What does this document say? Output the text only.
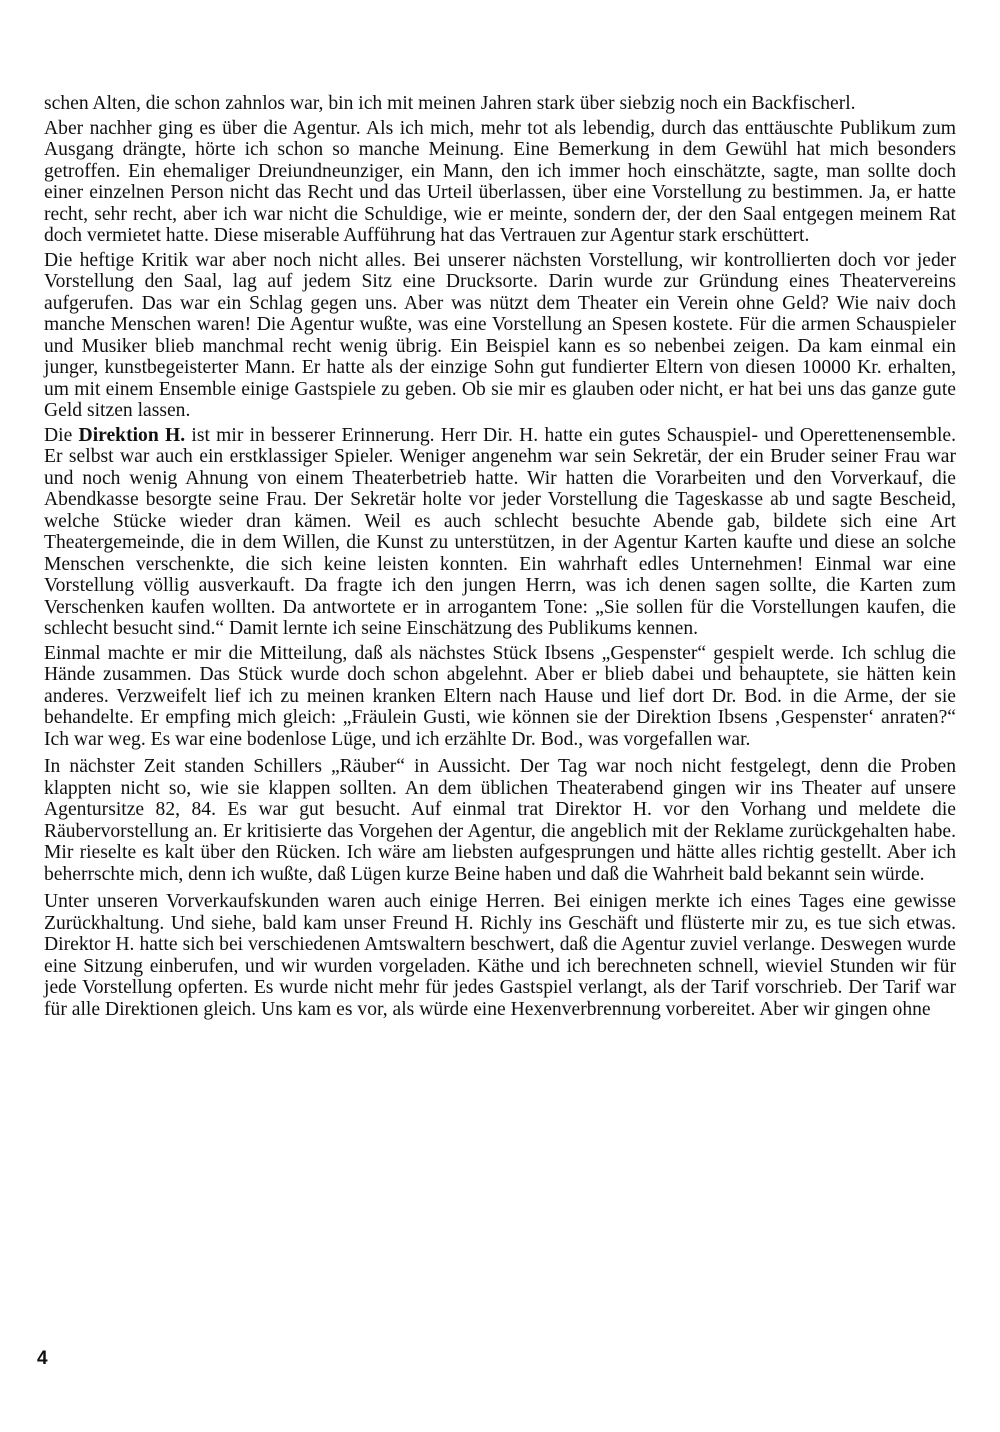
schen Alten, die schon zahnlos war, bin ich mit meinen Jahren stark über siebzig noch ein Backfischerl.

Aber nachher ging es über die Agentur. Als ich mich, mehr tot als lebendig, durch das enttäuschte Publikum zum Ausgang drängte, hörte ich schon so manche Meinung. Eine Bemerkung in dem Gewühl hat mich besonders getroffen. Ein ehemaliger Dreiundneunziger, ein Mann, den ich immer hoch einschätzte, sagte, man sollte doch einer einzelnen Person nicht das Recht und das Urteil überlassen, über eine Vorstellung zu bestimmen. Ja, er hatte recht, sehr recht, aber ich war nicht die Schuldige, wie er meinte, sondern der, der den Saal entgegen meinem Rat doch vermietet hatte. Diese miserable Aufführung hat das Vertrauen zur Agentur stark erschüttert.

Die heftige Kritik war aber noch nicht alles. Bei unserer nächsten Vorstellung, wir kontrollierten doch vor jeder Vorstellung den Saal, lag auf jedem Sitz eine Drucksorte. Darin wurde zur Gründung eines Theatervereins aufgerufen. Das war ein Schlag gegen uns. Aber was nützt dem Theater ein Verein ohne Geld? Wie naiv doch manche Menschen waren! Die Agentur wußte, was eine Vorstellung an Spesen kostete. Für die armen Schauspieler und Musiker blieb manchmal recht wenig übrig. Ein Beispiel kann es so nebenbei zeigen. Da kam einmal ein junger, kunstbegeisterter Mann. Er hatte als der einzige Sohn gut fundierter Eltern von diesen 10000 Kr. erhalten, um mit einem Ensemble einige Gastspiele zu geben. Ob sie mir es glauben oder nicht, er hat bei uns das ganze gute Geld sitzen lassen.

Die Direktion H. ist mir in besserer Erinnerung. Herr Dir. H. hatte ein gutes Schauspiel- und Operettenensemble. Er selbst war auch ein erstklassiger Spieler. Weniger angenehm war sein Sekretär, der ein Bruder seiner Frau war und noch wenig Ahnung von einem Theaterbetrieb hatte. Wir hatten die Vorarbeiten und den Vorverkauf, die Abendkasse besorgte seine Frau. Der Sekretär holte vor jeder Vorstellung die Tageskasse ab und sagte Bescheid, welche Stücke wieder dran kämen. Weil es auch schlecht besuchte Abende gab, bildete sich eine Art Theatergemeinde, die in dem Willen, die Kunst zu unterstützen, in der Agentur Karten kaufte und diese an solche Menschen verschenkte, die sich keine leisten konnten. Ein wahrhaft edles Unternehmen! Einmal war eine Vorstellung völlig ausverkauft. Da fragte ich den jungen Herrn, was ich denen sagen sollte, die Karten zum Verschenken kaufen wollten. Da antwortete er in arrogantem Tone: „Sie sollen für die Vorstellungen kaufen, die schlecht besucht sind.“ Damit lernte ich seine Einschätzung des Publikums kennen.

Einmal machte er mir die Mitteilung, daß als nächstes Stück Ibsens „Gespenster“ gespielt werde. Ich schlug die Hände zusammen. Das Stück wurde doch schon abgelehnt. Aber er blieb dabei und behauptete, sie hätten kein anderes. Verzweifelt lief ich zu meinen kranken Eltern nach Hause und lief dort Dr. Bod. in die Arme, der sie behandelte. Er empfing mich gleich: „Fräulein Gusti, wie können sie der Direktion Ibsens ‚Gespenster‘ anraten?“ Ich war weg. Es war eine bodenlose Lüge, und ich erzählte Dr. Bod., was vorgefallen war.

In nächster Zeit standen Schillers „Räuber“ in Aussicht. Der Tag war noch nicht festgelegt, denn die Proben klappten nicht so, wie sie klappen sollten. An dem üblichen Theaterabend gingen wir ins Theater auf unsere Agentursitze 82, 84. Es war gut besucht. Auf einmal trat Direktor H. vor den Vorhang und meldete die Räubervorstellung an. Er kritisierte das Vorgehen der Agentur, die angeblich mit der Reklame zurückgehalten habe. Mir rieselte es kalt über den Rücken. Ich wäre am liebsten aufgesprungen und hätte alles richtig gestellt. Aber ich beherrschte mich, denn ich wußte, daß Lügen kurze Beine haben und daß die Wahrheit bald bekannt sein würde.

Unter unseren Vorverkaufskunden waren auch einige Herren. Bei einigen merkte ich eines Tages eine gewisse Zurückhaltung. Und siehe, bald kam unser Freund H. Richly ins Geschäft und flüsterte mir zu, es tue sich etwas. Direktor H. hatte sich bei verschiedenen Amtswaltern beschwert, daß die Agentur zuviel verlange. Deswegen wurde eine Sitzung einberufen, und wir wurden vorgeladen. Käthe und ich berechneten schnell, wieviel Stunden wir für jede Vorstellung opferten. Es wurde nicht mehr für jedes Gastspiel verlangt, als der Tarif vorschrieb. Der Tarif war für alle Direktionen gleich. Uns kam es vor, als würde eine Hexenverbrennung vorbereitet. Aber wir gingen ohne

4
